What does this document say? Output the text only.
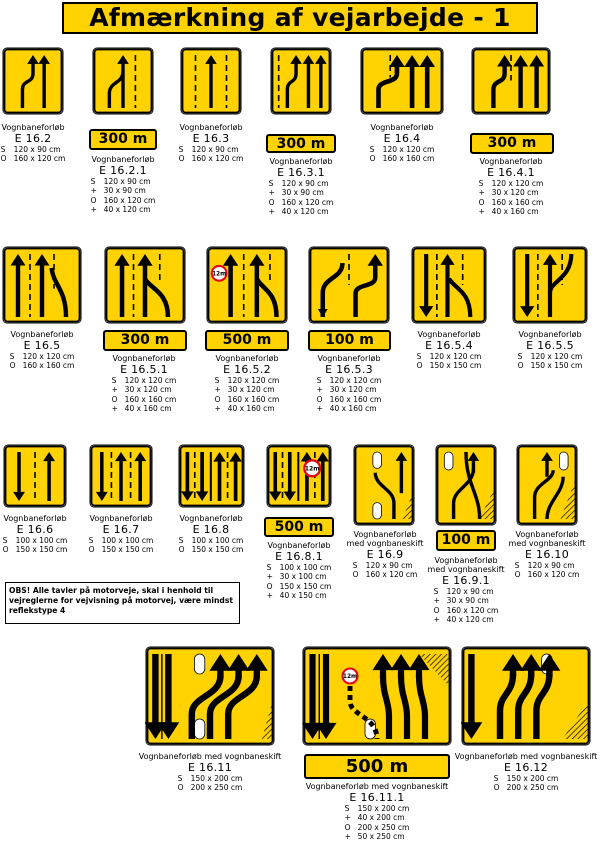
Afmærkning af vejarbejde - 1
Vognbaneforløb
E 16.2
S 120 x 90 cm
O 160 x 120 cm
300 m
Vognbaneforløb
E 16.2.1
S 120 x 90 cm
+ 30 x 90 cm
O 160 x 120 cm
+ 40 x 120 cm
Vognbaneforløb
E 16.3
S 120 x 90 cm
O 160 x 120 cm
300 m
Vognbaneforløb
E 16.3.1
S 120 x 90 cm
+ 30 x 90 cm
O 160 x 120 cm
+ 40 x 120 cm
Vognbaneforløb
E 16.4
S 120 x 120 cm
O 160 x 160 cm
300 m
Vognbaneforløb
E 16.4.1
S 120 x 120 cm
+ 30 x 120 cm
O 160 x 160 cm
+ 40 x 160 cm
Vognbaneforløb
E 16.5
S 120 x 120 cm
O 160 x 160 cm
300 m
Vognbaneforløb
E 16.5.1
S 120 x 120 cm
+ 30 x 120 cm
O 160 x 160 cm
+ 40 x 160 cm
12m
500 m
Vognbaneforløb
E 16.5.2
S 120 x 120 cm
+ 30 x 120 cm
O 160 x 160 cm
+ 40 x 160 cm
100 m
Vognbaneforløb
E 16.5.3
S 120 x 120 cm
+ 30 x 120 cm
O 160 x 160 cm
+ 40 x 160 cm
Vognbaneforløb
E 16.5.4
S 120 x 120 cm
O 150 x 150 cm
Vognbaneforløb
E 16.5.5
S 120 x 120 cm
O 150 x 150 cm
Vognbaneforløb
E 16.6
S 100 x 100 cm
O 150 x 150 cm
Vognbaneforløb
E 16.7
S 100 x 100 cm
O 150 x 150 cm
Vognbaneforløb
E 16.8
S 100 x 100 cm
O 150 x 150 cm
12m
500 m
Vognbaneforløb
E 16.8.1
S 100 x 100 cm
+ 30 x 100 cm
O 150 x 150 cm
+ 40 x 150 cm
Vognbaneforløb
med vognbaneskift
E 16.9
S 120 x 90 cm
O 160 x 120 cm
100 m
Vognbaneforløb
med vognbaneskift
E 16.9.1
S 120 x 90 cm
+ 30 x 90 cm
O 160 x 120 cm
+ 40 x 120 cm
Vognbaneforløb
med vognbaneskift
E 16.10
S 120 x 90 cm
O 160 x 120 cm
Vognbaneforløb med vognbaneskift
E 16.11
S 150 x 200 cm
O 200 x 250 cm
12m
500 m
Vognbaneforløb med vognbaneskift
E 16.11.1
S 150 x 200 cm
+ 40 x 200 cm
O 200 x 250 cm
+ 50 x 250 cm
Vognbaneforløb med vognbaneskift
E 16.12
S 150 x 200 cm
O 200 x 250 cm
OBS! Alle tavler på motorveje, skal i henhold til vejreglerne for vejvisning på motorvej, være mindst reflekstype 4
